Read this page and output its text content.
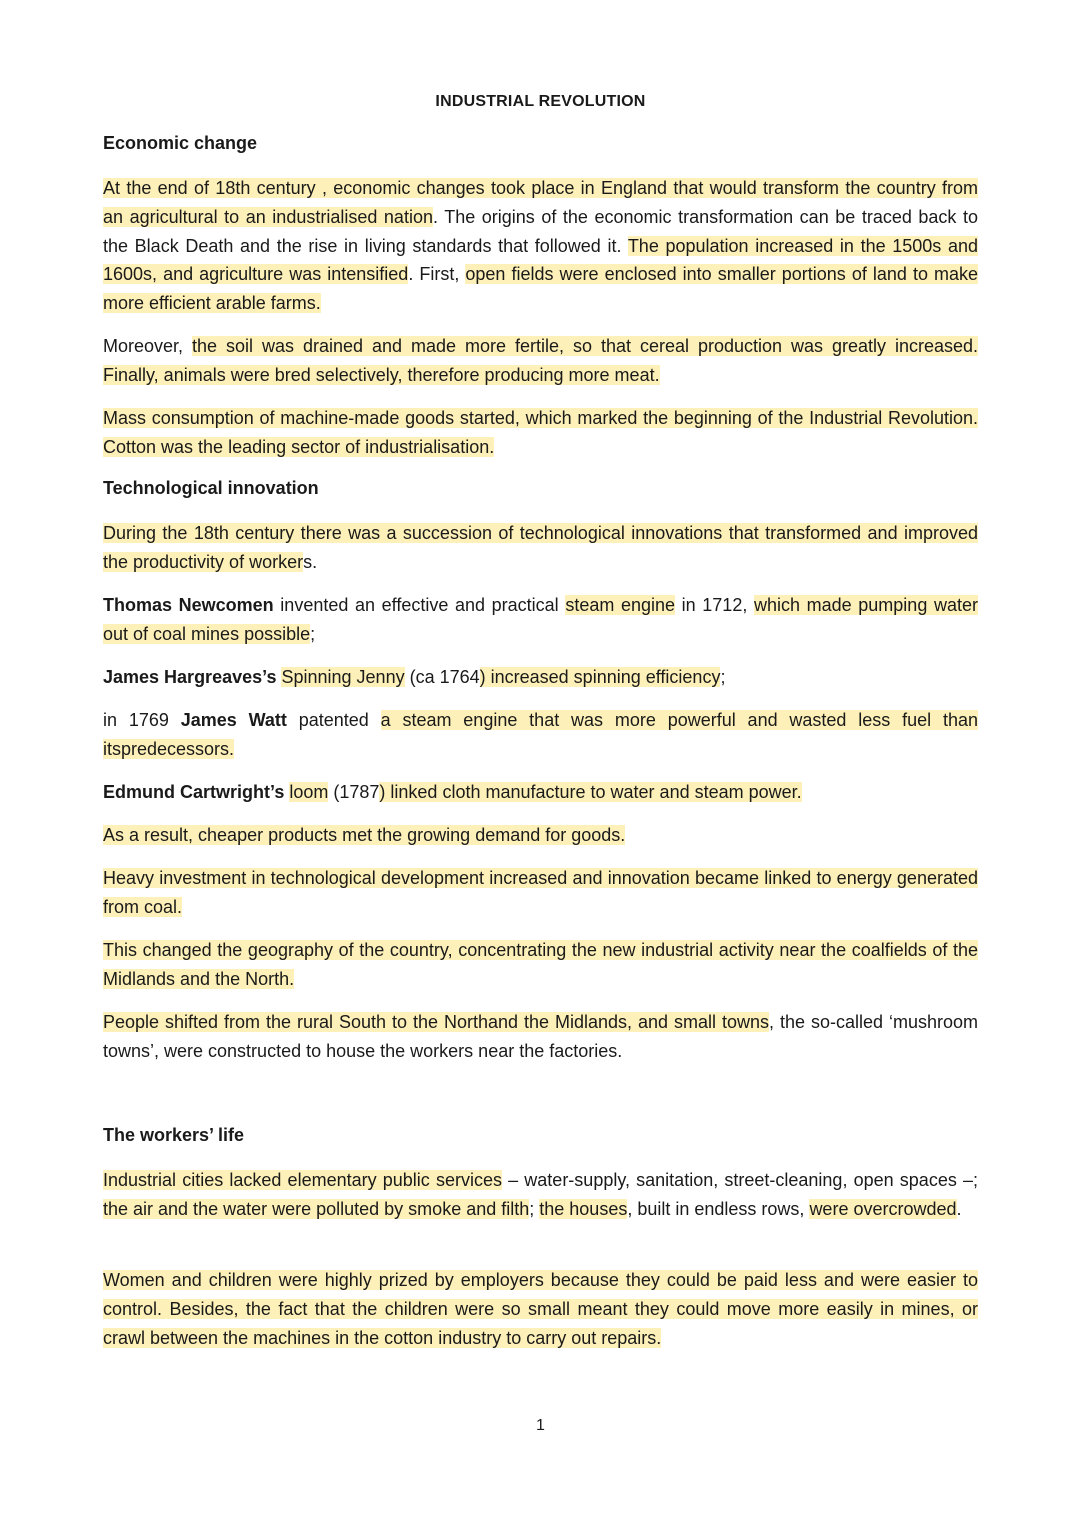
INDUSTRIAL REVOLUTION
Economic change

At the end of 18th century , economic changes took place in England that would transform the country from an agricultural to an industrialised nation. The origins of the economic transformation can be traced back to the Black Death and the rise in living standards that followed it. The population increased in the 1500s and 1600s, and agriculture was intensified. First, open fields were enclosed into smaller portions of land to make more efficient arable farms.

Moreover, the soil was drained and made more fertile, so that cereal production was greatly increased. Finally, animals were bred selectively, therefore producing more meat.

Mass consumption of machine-made goods started, which marked the beginning of the Industrial Revolution. Cotton was the leading sector of industrialisation.

Technological innovation

During the 18th century there was a succession of technological innovations that transformed and improved the productivity of workers.

Thomas Newcomen invented an effective and practical steam engine in 1712, which made pumping water out of coal mines possible;

James Hargreaves’s Spinning Jenny (ca 1764) increased spinning efficiency;

in 1769 James Watt patented a steam engine that was more powerful and wasted less fuel than itspredecessors.

Edmund Cartwright’s loom (1787) linked cloth manufacture to water and steam power.

As a result, cheaper products met the growing demand for goods.

Heavy investment in technological development increased and innovation became linked to energy generated from coal.

This changed the geography of the country, concentrating the new industrial activity near the coalfields of the Midlands and the North.

People shifted from the rural South to the Northand the Midlands, and small towns, the so-called ‘mushroom towns’, were constructed to house the workers near the factories.

The workers’ life

Industrial cities lacked elementary public services – water-supply, sanitation, street-cleaning, open spaces –; the air and the water were polluted by smoke and filth; the houses, built in endless rows, were overcrowded.

Women and children were highly prized by employers because they could be paid less and were easier to control. Besides, the fact that the children were so small meant they could move more easily in mines, or crawl between the machines in the cotton industry to carry out repairs.

1
